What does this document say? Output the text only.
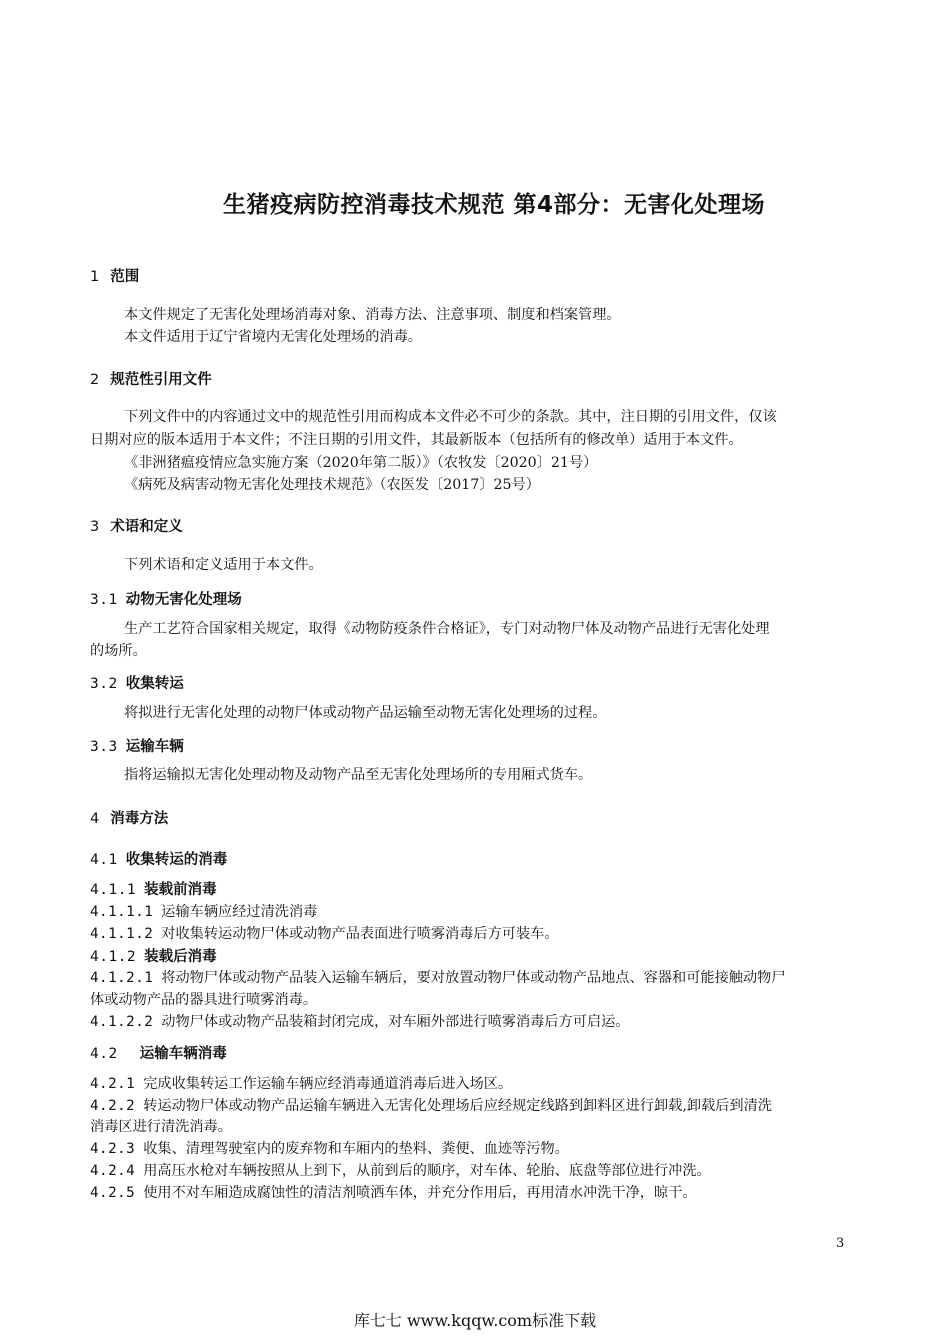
生猪疫病防控消毒技术规范 第4部分：无害化处理场
1 范围
本文件规定了无害化处理场消毒对象、消毒方法、注意事项、制度和档案管理。
本文件适用于辽宁省境内无害化处理场的消毒。
2 规范性引用文件
下列文件中的内容通过文中的规范性引用而构成本文件必不可少的条款。其中，注日期的引用文件，仅该
日期对应的版本适用于本文件；不注日期的引用文件，其最新版本（包括所有的修改单）适用于本文件。
《非洲猪瘟疫情应急实施方案（2020年第二版）》（农牧发〔2020〕21号）
《病死及病害动物无害化处理技术规范》（农医发〔2017〕25号）
3 术语和定义
下列术语和定义适用于本文件。
3.1 动物无害化处理场
生产工艺符合国家相关规定，取得《动物防疫条件合格证》，专门对动物尸体及动物产品进行无害化处理
的场所。
3.2 收集转运
将拟进行无害化处理的动物尸体或动物产品运输至动物无害化处理场的过程。
3.3 运输车辆
指将运输拟无害化处理动物及动物产品至无害化处理场所的专用厢式货车。
4 消毒方法
4.1 收集转运的消毒
4.1.1 装载前消毒
4.1.1.1 运输车辆应经过清洗消毒
4.1.1.2 对收集转运动物尸体或动物产品表面进行喷雾消毒后方可装车。
4.1.2 装载后消毒
4.1.2.1 将动物尸体或动物产品装入运输车辆后，要对放置动物尸体或动物产品地点、容器和可能接触动物尸
体或动物产品的器具进行喷雾消毒。
4.1.2.2 动物尸体或动物产品装箱封闭完成，对车厢外部进行喷雾消毒后方可启运。
4.2 运输车辆消毒
4.2.1 完成收集转运工作运输车辆应经消毒通道消毒后进入场区。
4.2.2 转运动物尸体或动物产品运输车辆进入无害化处理场后应经规定线路到卸料区进行卸载,卸载后到清洗
消毒区进行清洗消毒。
4.2.3 收集、清理驾驶室内的废弃物和车厢内的垫料、粪便、血迹等污物。
4.2.4 用高压水枪对车辆按照从上到下，从前到后的顺序，对车体、轮胎、底盘等部位进行冲洗。
4.2.5 使用不对车厢造成腐蚀性的清洁剂喷洒车体，并充分作用后，再用清水冲洗干净，晾干。
3
库七七 www.kqqw.com标准下载
